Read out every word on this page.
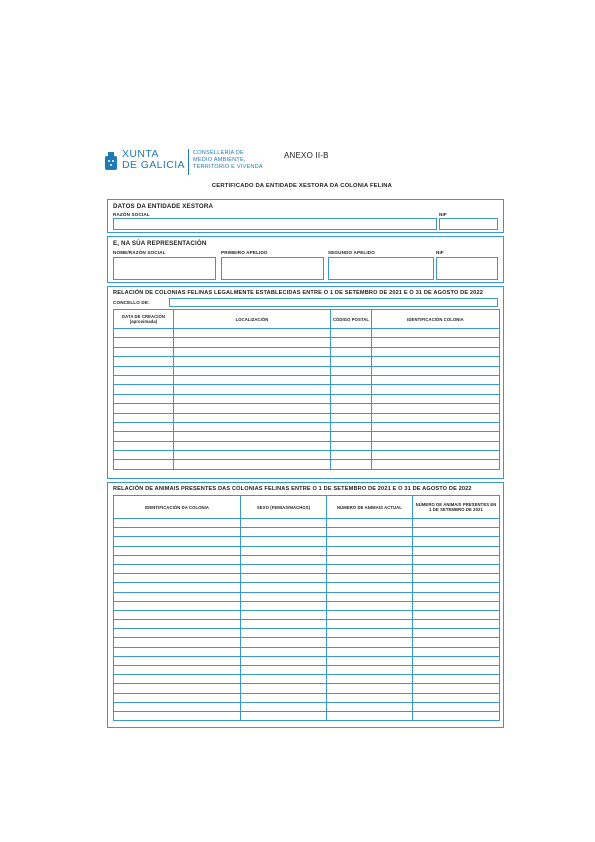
XUNTA
DE GALICIA
CONSELLERÍA DE
MEDIO AMBIENTE,
TERRITORIO E VIVENDA
ANEXO II-B
CERTIFICADO DA ENTIDADE XESTORA DA COLONIA FELINA
DATOS DA ENTIDADE XESTORA
RAZÓN SOCIAL	NIF
E, NA SÚA REPRESENTACIÓN
NOME/RAZÓN SOCIAL	PRIMEIRO APELIDO	SEGUNDO APELIDO	NIF
RELACIÓN DE COLONIAS FELINAS LEGALMENTE ESTABLECIDAS ENTRE O 1 DE SETEMBRO DE 2021 E O 31 DE AGOSTO DE 2022
CONCELLO DE:
DATA DE CREACIÓN
(aproximada)	LOCALIZACIÓN	CÓDIGO POSTAL	IDENTIFICACIÓN COLONIA

RELACIÓN DE ANIMAIS PRESENTES DAS COLONIAS FELINAS ENTRE O 1 DE SETEMBRO DE 2021 E O 31 DE AGOSTO DE 2022
IDENTIFICACIÓN DA COLONIA	SEXO (FEMIAS/MACHOS)	NÚMERO DE ANIMAIS ACTUAL	NÚMERO DE ANIMAIS PRESENTES EN
1 DE SETEMBRO DE 2021
